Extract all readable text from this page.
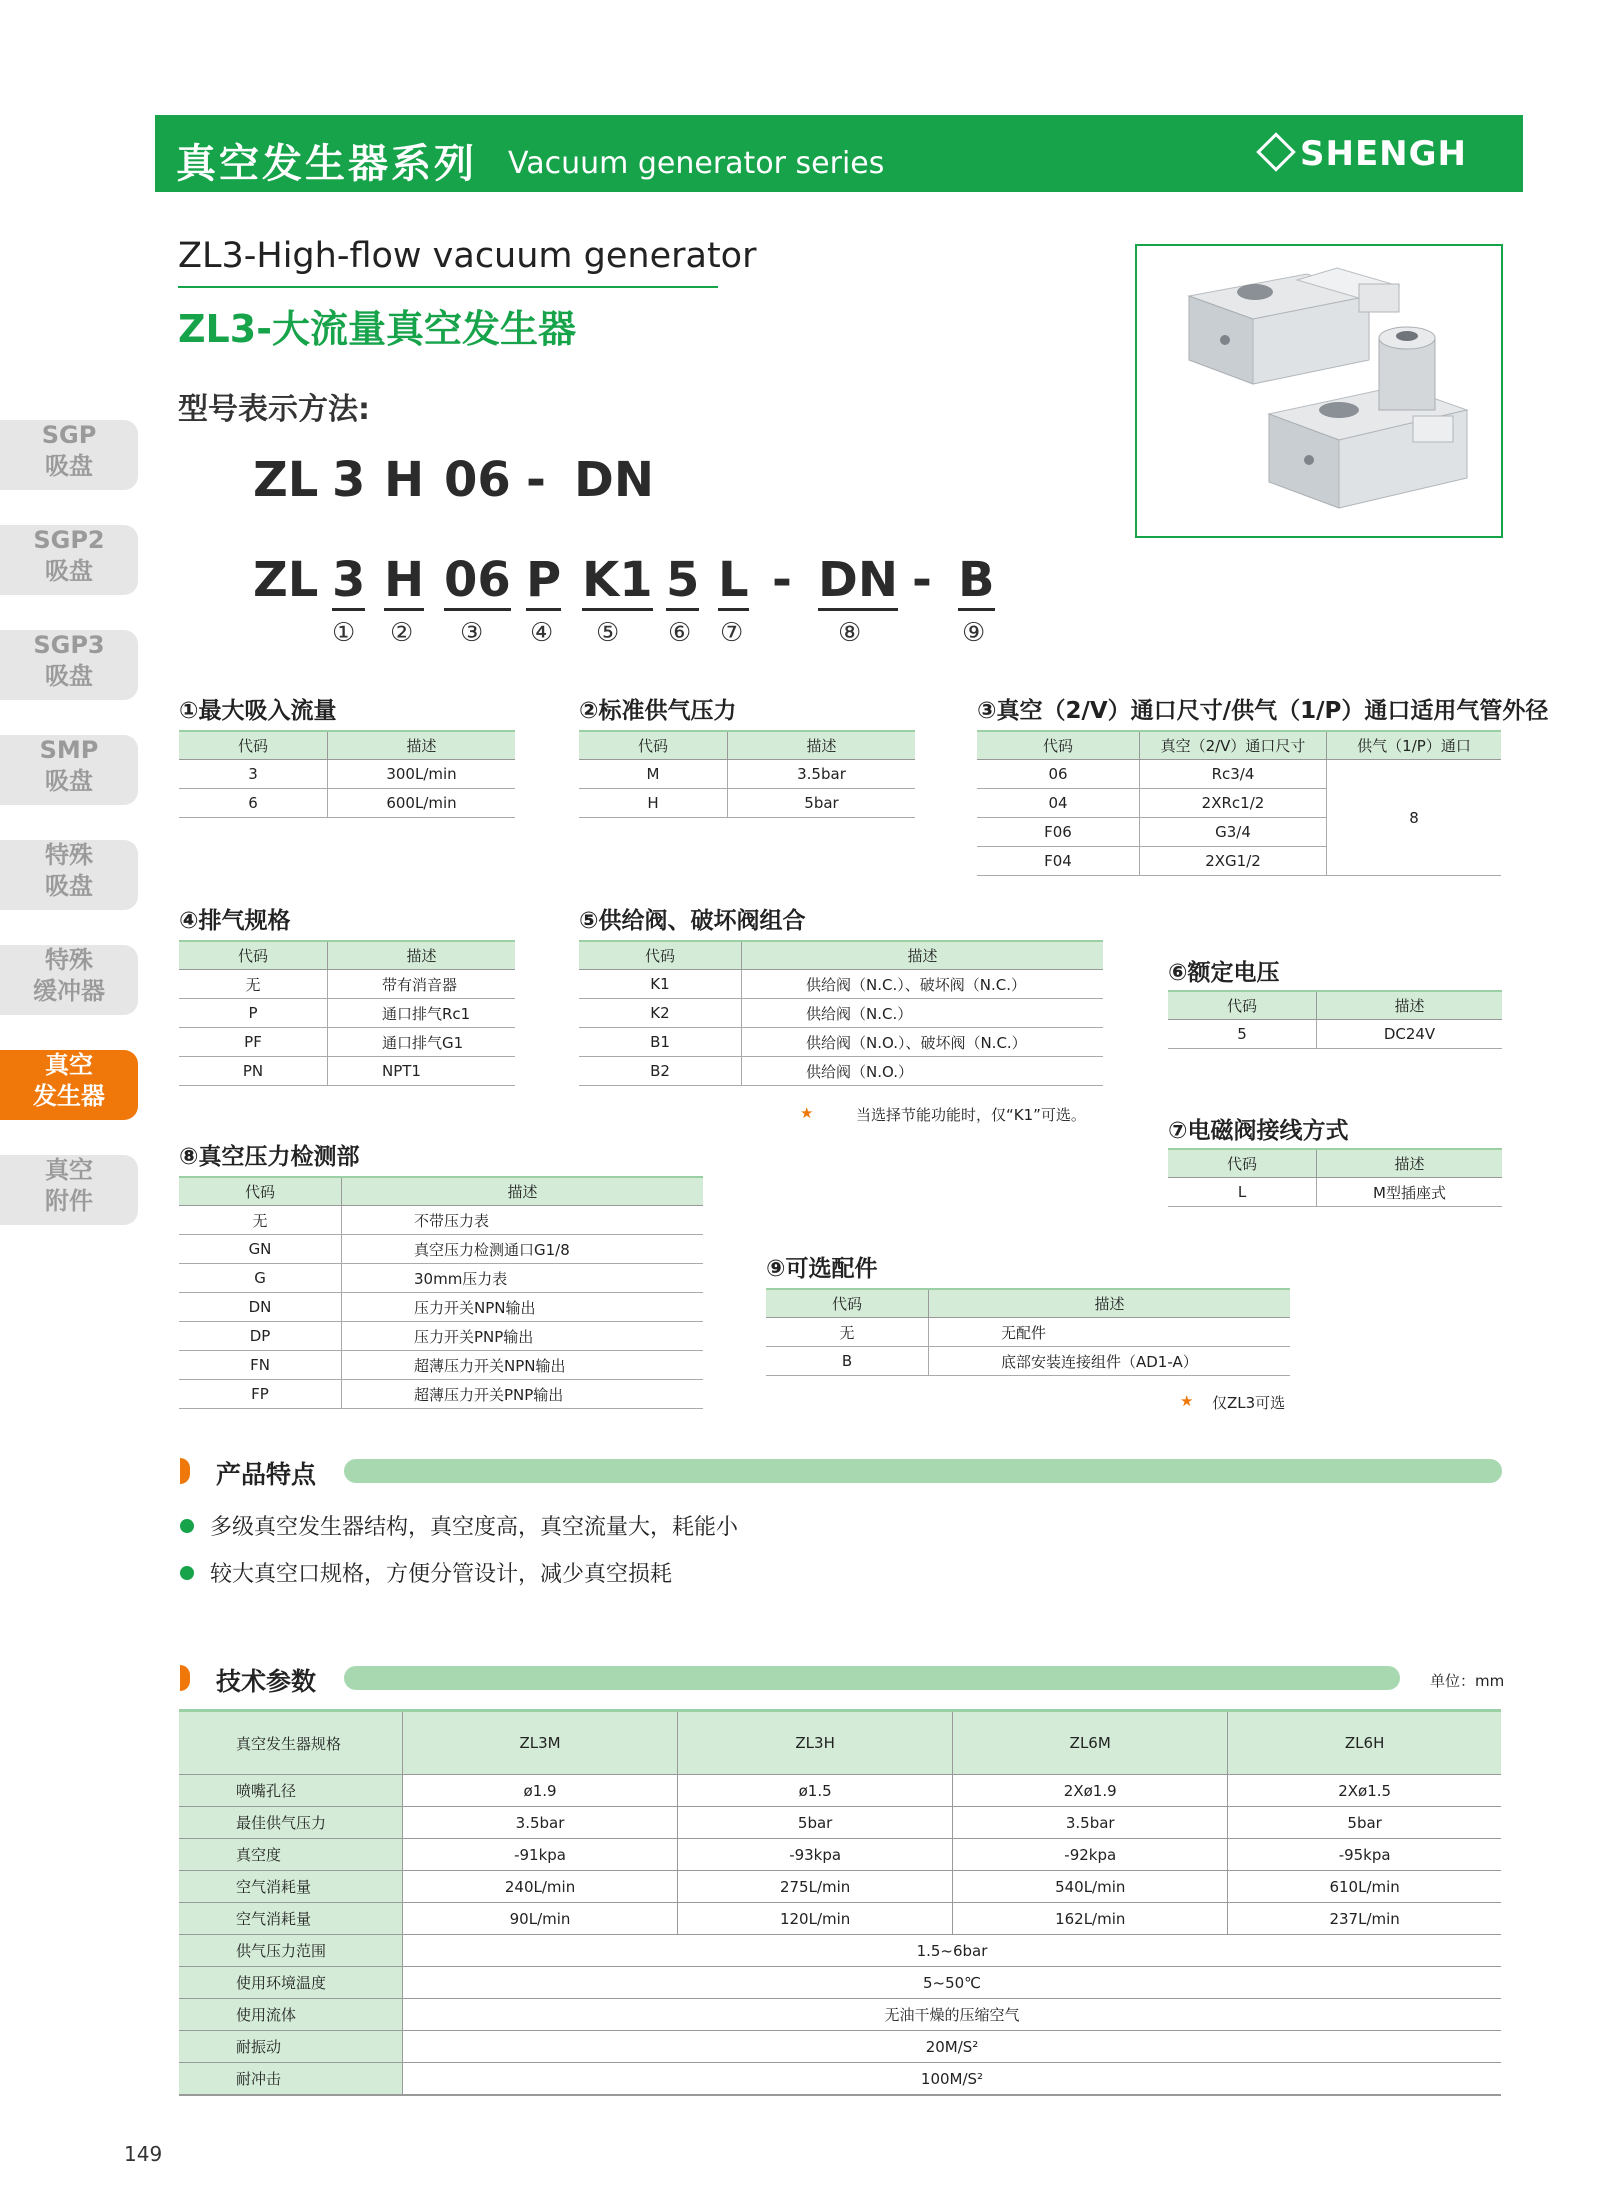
真空发生器系列 Vacuum generator series	SHENGH
ZL3-High-flow vacuum generator
ZL3-大流量真空发生器
型号表示方法:
SGP
吸盘
SGP2
吸盘
SGP3
吸盘
SMP
吸盘
特殊
吸盘
特殊
缓冲器
真空
发生器
真空
附件
ZL 3 H 06 - DN
ZL 3 H 06 P K1 5 L - DN - B
① ② ③ ④ ⑤ ⑥ ⑦	⑧	⑨
①最大吸入流量
代码	描述
3	300L/min
6	600L/min
②标准供气压力
代码	描述
M	3.5bar
H	5bar
③真空（2/V）通口尺寸/供气（1/P）通口适用气管外径
代码	真空（2/V）通口尺寸	供气（1/P）通口
06	Rc3/4	8
04	2XRc1/2	
F06	G3/4	
F04	2XG1/2	
④排气规格
代码	描述
无	带有消音器
P	通口排气Rc1
PF	通口排气G1
PN	NPT1
⑤供给阀、破坏阀组合
代码	描述
K1	供给阀（N.C.）、破坏阀（N.C.）
K2	供给阀（N.C.）
B1	供给阀（N.O.）、破坏阀（N.C.）
B2	供给阀（N.O.）
★	当选择节能功能时，仅“K1”可选。
⑥额定电压
代码	描述
5	DC24V
⑦电磁阀接线方式
代码	描述
L	M型插座式
⑧真空压力检测部
代码	描述
无	不带压力表
GN	真空压力检测通口G1/8
G	30mm压力表
DN	压力开关NPN输出
DP	压力开关PNP输出
FN	超薄压力开关NPN输出
FP	超薄压力开关PNP输出
⑨可选配件
代码	描述
无	无配件
B	底部安装连接组件（AD1-A）
★ 仅ZL3可选
产品特点
多级真空发生器结构，真空度高，真空流量大，耗能小
较大真空口规格，方便分管设计，减少真空损耗
技术参数	单位：mm
真空发生器规格	ZL3M	ZL3H	ZL6M	ZL6H
喷嘴孔径	ø1.9	ø1.5	2Xø1.9	2Xø1.5
最佳供气压力	3.5bar	5bar	3.5bar	5bar
真空度	-91kpa	-93kpa	-92kpa	-95kpa
空气消耗量	240L/min	275L/min	540L/min	610L/min
空气消耗量	90L/min	120L/min	162L/min	237L/min
供气压力范围	1.5~6bar			
使用环境温度	5~50℃			
使用流体	无油干燥的压缩空气			
耐振动	20M/S²			
耐冲击	100M/S²			
149
